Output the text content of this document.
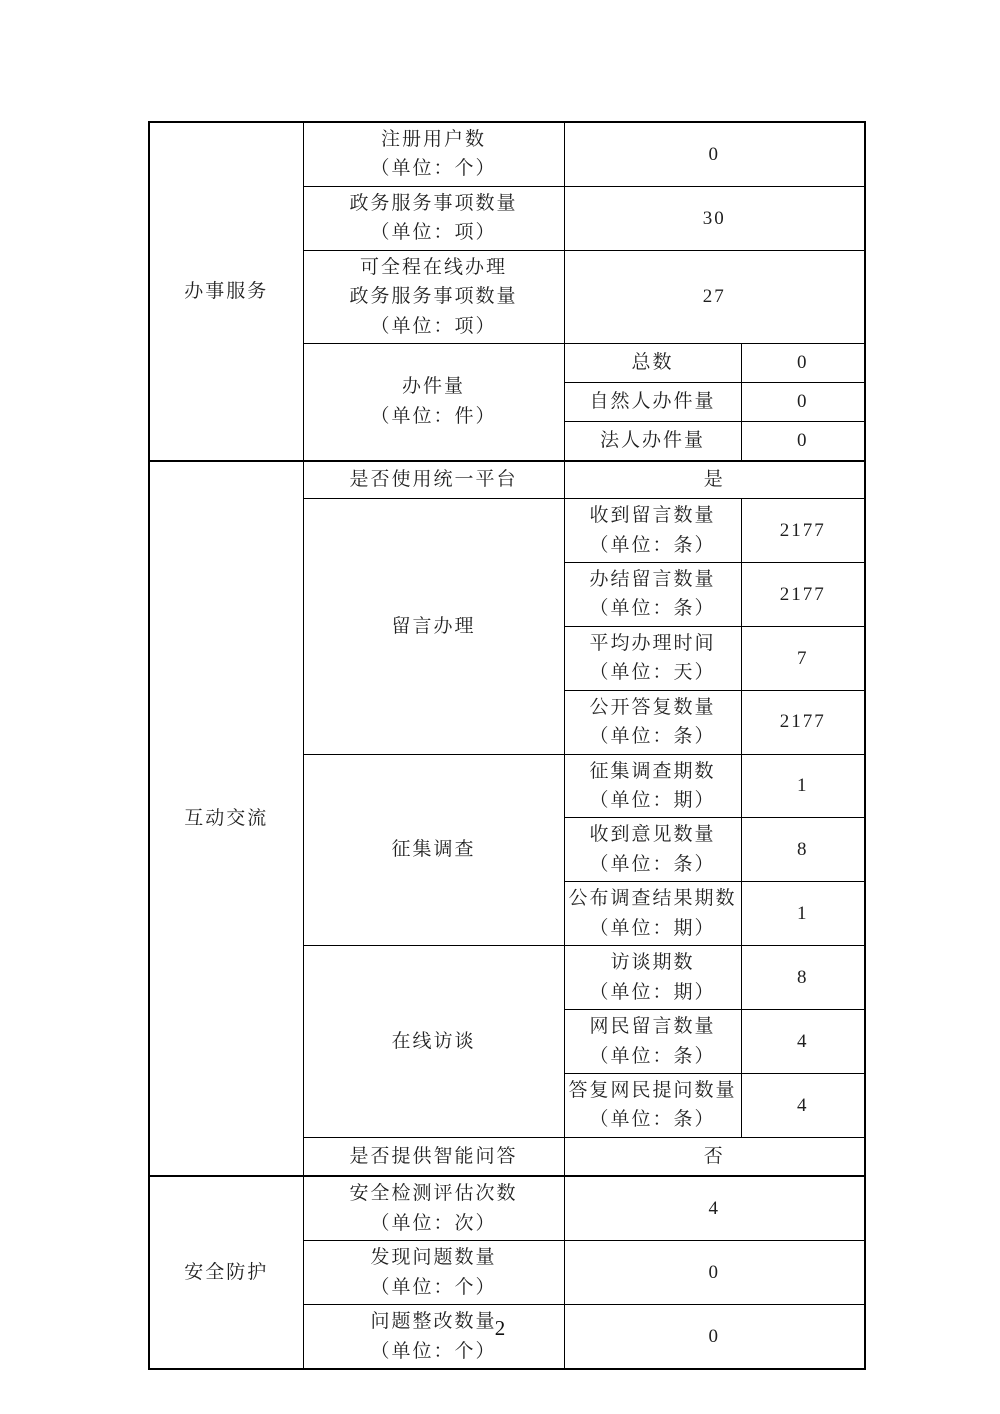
办事服务	注册用户数
（单位：个）	0	

	政务服务事项数量
（单位：项）	30	

	可全程在线办理
政务服务事项数量
（单位：项）	27	

	办件量
（单位：件）	总数	0
		自然人办件量	0
		法人办件量	0
互动交流	是否使用统一平台	是	
	留言办理	收到留言数量
（单位：条）	2177

		办结留言数量
（单位：条）	2177

		平均办理时间
（单位：天）	7

		公开答复数量
（单位：条）	2177
	征集调查	征集调查期数
（单位：期）	1

		收到意见数量
（单位：条）	8

		公布调查结果期数
（单位：期）	1
	在线访谈	访谈期数
（单位：期）	8

		网民留言数量
（单位：条）	4

		答复网民提问数量
（单位：条）	4
	是否提供智能问答	否	
安全防护	安全检测评估次数
（单位：次）	4	

	发现问题数量
（单位：个）	0	

	问题整改数量
（单位：个）	0	
2
